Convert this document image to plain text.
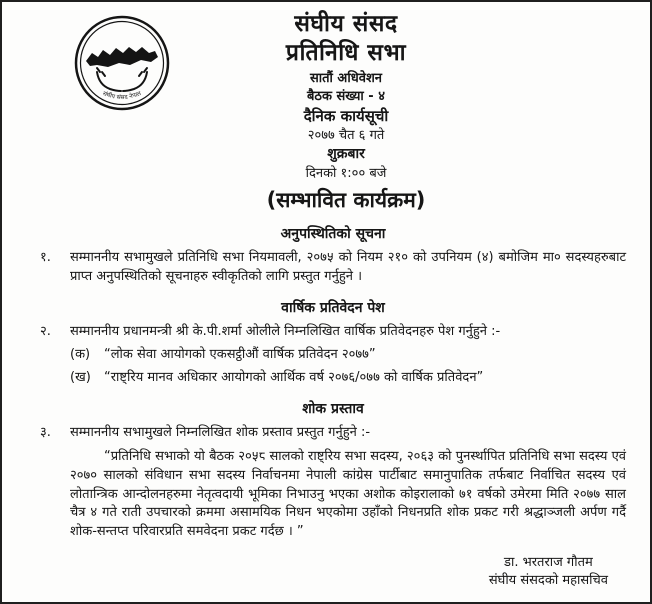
संघीय संसद नेपाल
संघीय संसद
प्रतिनिधि सभा
सातौं अधिवेशन
बैठक संख्या - ४
दैनिक कार्यसूची
२०७७ चैत ६ गते
शुक्रबार
दिनको १:०० बजे
(सम्भावित कार्यक्रम)
अनुपस्थितिको सूचना
१.	सम्माननीय सभामुखले प्रतिनिधि सभा नियमावली, २०७५ को नियम २१० को उपनियम (४) बमोजिम मा० सदस्यहरुबाट प्राप्त अनुपस्थितिको सूचनाहरु स्वीकृतिको लागि प्रस्तुत गर्नुहुने ।
वार्षिक प्रतिवेदन पेश
२.	सम्माननीय प्रधानमन्त्री श्री के.पी.शर्मा ओलीले निम्नलिखित वार्षिक प्रतिवेदनहरु पेश गर्नुहुने :-
(क)	“लोक सेवा आयोगको एकसट्ठीऔं वार्षिक प्रतिवेदन २०७७”
(ख)	“राष्ट्रिय मानव अधिकार आयोगको आर्थिक वर्ष २०७६/०७७ को वार्षिक प्रतिवेदन”
शोक प्रस्ताव
३.	सम्माननीय सभामुखले निम्नलिखित शोक प्रस्ताव प्रस्तुत गर्नुहुने :-
“प्रतिनिधि सभाको यो बैठक २०५८ सालको राष्ट्रिय सभा सदस्य, २०६३ को पुनर्स्थापित प्रतिनिधि सभा सदस्य एवं २०७० सालको संविधान सभा सदस्य निर्वाचनमा नेपाली कांग्रेस पार्टीबाट समानुपातिक तर्फबाट निर्वाचित सदस्य एवं लोतान्त्रिक आन्दोलनहरुमा नेतृत्वदायी भूमिका निभाउनु भएका अशोक कोइरालाको ७१ वर्षको उमेरमा मिति २०७७ साल चैत्र ४ गते राती उपचारको क्रममा असामयिक निधन भएकोमा उहाँको निधनप्रति शोक प्रकट गरी श्रद्धाञ्जली अर्पण गर्दै शोक-सन्तप्त परिवारप्रति समवेदना प्रकट गर्दछ । ”
डा. भरतराज गौतम
संघीय संसदको महासचिव
